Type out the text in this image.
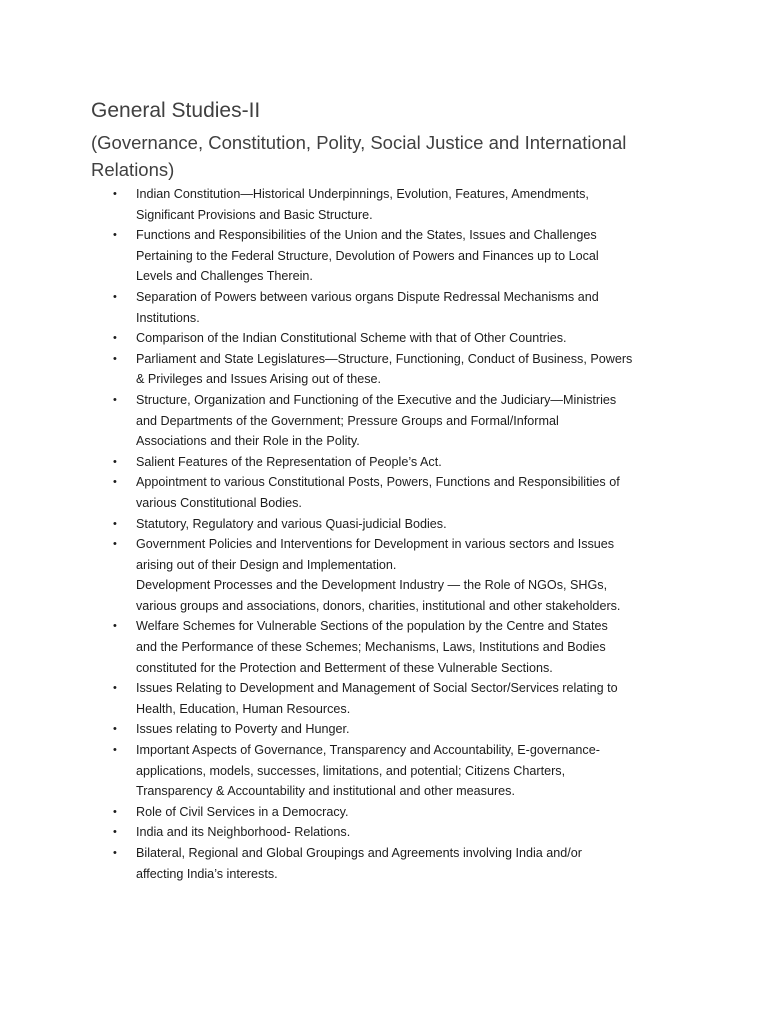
General Studies-II
(Governance, Constitution, Polity, Social Justice and International
Relations)
• Indian Constitution—Historical Underpinnings, Evolution, Features, Amendments,
Significant Provisions and Basic Structure.
• Functions and Responsibilities of the Union and the States, Issues and Challenges
Pertaining to the Federal Structure, Devolution of Powers and Finances up to Local
Levels and Challenges Therein.
• Separation of Powers between various organs Dispute Redressal Mechanisms and
Institutions.
• Comparison of the Indian Constitutional Scheme with that of Other Countries.
• Parliament and State Legislatures—Structure, Functioning, Conduct of Business, Powers
& Privileges and Issues Arising out of these.
• Structure, Organization and Functioning of the Executive and the Judiciary—Ministries
and Departments of the Government; Pressure Groups and Formal/Informal
Associations and their Role in the Polity.
• Salient Features of the Representation of People’s Act.
• Appointment to various Constitutional Posts, Powers, Functions and Responsibilities of
various Constitutional Bodies.
• Statutory, Regulatory and various Quasi-judicial Bodies.
• Government Policies and Interventions for Development in various sectors and Issues
arising out of their Design and Implementation.
Development Processes and the Development Industry — the Role of NGOs, SHGs,
various groups and associations, donors, charities, institutional and other stakeholders.
• Welfare Schemes for Vulnerable Sections of the population by the Centre and States
and the Performance of these Schemes; Mechanisms, Laws, Institutions and Bodies
constituted for the Protection and Betterment of these Vulnerable Sections.
• Issues Relating to Development and Management of Social Sector/Services relating to
Health, Education, Human Resources.
• Issues relating to Poverty and Hunger.
• Important Aspects of Governance, Transparency and Accountability, E-governance-
applications, models, successes, limitations, and potential; Citizens Charters,
Transparency & Accountability and institutional and other measures.
• Role of Civil Services in a Democracy.
• India and its Neighborhood- Relations.
• Bilateral, Regional and Global Groupings and Agreements involving India and/or
affecting India’s interests.
